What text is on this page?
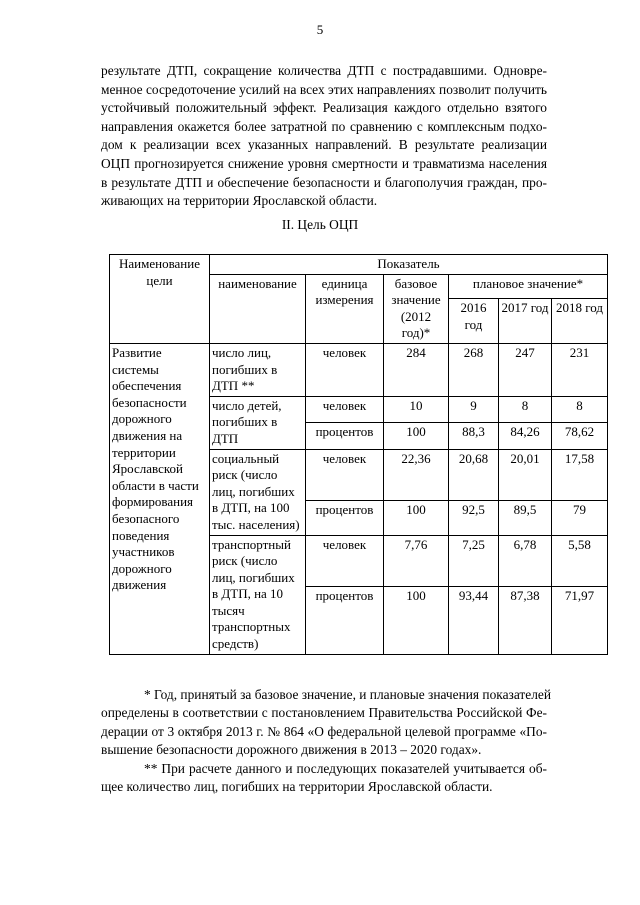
5
результате ДТП, сокращение количества ДТП с пострадавшими. Одновре-
менное сосредоточение усилий на всех этих направлениях позволит получить
устойчивый положительный эффект. Реализация каждого отдельно взятого
направления окажется более затратной по сравнению с комплексным подхо-
дом к реализации всех указанных направлений. В результате реализации
ОЦП прогнозируется снижение уровня смертности и травматизма населения
в результате ДТП и обеспечение безопасности и благополучия граждан, про-
живающих на территории Ярославской области.
II. Цель ОЦП
Наименование цели	Показатель					
	наименование	единица измерения	базовое значение (2012 год)*	плановое значение*		
				2016 год	2017 год	2018 год
Развитие системы обеспечения безопасности дорожного движения на территории Ярославской области в части формирования безопасного поведения участников дорожного движения	число лиц, погибших в ДТП **	человек	284	268	247	231
	число детей, погибших в ДТП	человек	10	9	8	8
		процентов	100	88,3	84,26	78,62
	социальный риск (число лиц, погибших в ДТП, на 100 тыс. населения)	человек	22,36	20,68	20,01	17,58
		процентов	100	92,5	89,5	79
	транспортный риск (число лиц, погибших в ДТП, на 10 тысяч транспортных средств)	человек	7,76	7,25	6,78	5,58
		процентов	100	93,44	87,38	71,97
* Год, принятый за базовое значение, и плановые значения показателей
определены в соответствии с постановлением Правительства Российской Фе-
дерации от 3 октября 2013 г. № 864 «О федеральной целевой программе «По-
вышение безопасности дорожного движения в 2013 – 2020 годах».
** При расчете данного и последующих показателей учитывается об-
щее количество лиц, погибших на территории Ярославской области.
